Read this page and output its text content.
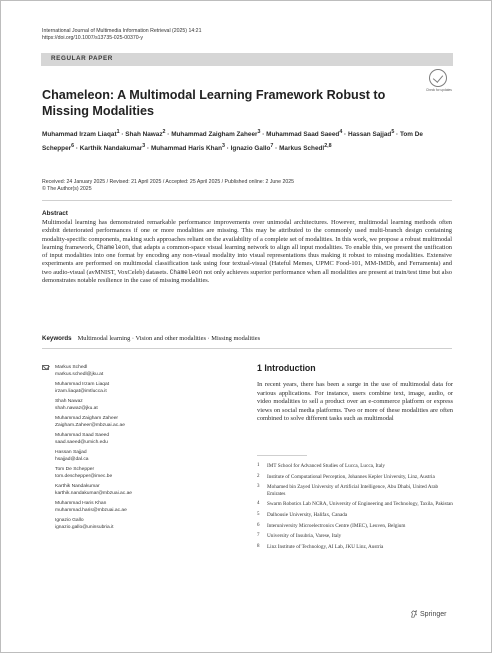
International Journal of Multimedia Information Retrieval (2025) 14:21
https://doi.org/10.1007/s13735-025-00370-y
REGULAR PAPER
Check for updates
Chameleon: A Multimodal Learning Framework Robust to Missing Modalities
Muhammad Irzam Liaqat$^1$ · Shah Nawaz$^2$ · Muhammad Zaigham Zaheer$^3$ · Muhammad Saad Saeed$^4$ · Hassan Sajjad$^5$ · Tom De Schepper$^6$ · Karthik Nandakumar$^3$ · Muhammad Haris Khan$^3$ · Ignazio Gallo$^7$ · Markus Schedl$^{2,8}$
Received: 24 January 2025 / Revised: 21 April 2025 / Accepted: 25 April 2025 / Published online: 2 June 2025
© The Author(s) 2025
Abstract
Multimodal learning has demonstrated remarkable performance improvements over unimodal architectures. However, multimodal learning methods often exhibit deteriorated performances if one or more modalities are missing. This may be attributed to the commonly used multi-branch design containing modality-specific components, making such approaches reliant on the availability of a complete set of modalities. In this work, we propose a robust multimodal learning framework, Chameleon, that adapts a common-space visual learning network to align all input modalities. To enable this, we present the unification of input modalities into one format by encoding any non-visual modality into visual representations thus making it robust to missing modalities. Extensive experiments are performed on multimodal classification task using four textual-visual (Hateful Memes, UPMC Food-101, MM-IMDb, and Ferramenta) and two audio-visual (avMNIST, VoxCeleb) datasets. Chameleon not only achieves superior performance when all modalities are present at train/test time but also demonstrates notable resilience in the case of missing modalities.
Keywords Multimodal learning · Vision and other modalities · Missing modalities
Markus Schedl
markus.schedl@jku.at
Muhammad Irzam Liaqat
irzam.liaqat@imtlucca.it
Shah Nawaz
shah.nawaz@jku.at
Muhammad Zaigham Zaheer
Zaigham.Zaheer@mbzuai.ac.ae
Muhammad Saad Saeed
saad.saeed@umich.edu
Hassan Sajjad
hsajjad@dal.ca
Tom De Schepper
tom.deschepper@imec.be
Karthik Nandakumar
karthik.nandakumar@mbzuai.ac.ae
Muhammad Haris Khan
muhammad.haris@mbzuai.ac.ae
Ignazio Gallo
ignazio.gallo@uninsubria.it
1 Introduction
In recent years, there has been a surge in the use of multimodal data for various applications. For instance, users combine text, image, audio, or video modalities to sell a product over an e-commerce platform or express views on social media platforms. Two or more of these modalities are often combined to solve different tasks such as multimodal
1 IMT School for Advanced Studies of Lucca, Lucca, Italy
2 Institute of Computational Perception, Johannes Kepler University, Linz, Austria
3 Mohamed bin Zayed University of Artificial Intelligence, Abu Dhabi, United Arab Emirates
4 Swarm Robotics Lab NCRA, University of Engineering and Technology, Taxila, Pakistan
5 Dalhousie University, Halifax, Canada
6 Interuniversity Microelectronics Centre (IMEC), Leuven, Belgium
7 University of Insubria, Varese, Italy
8 Linz Institute of Technology, AI Lab, JKU Linz, Austria
Springer
